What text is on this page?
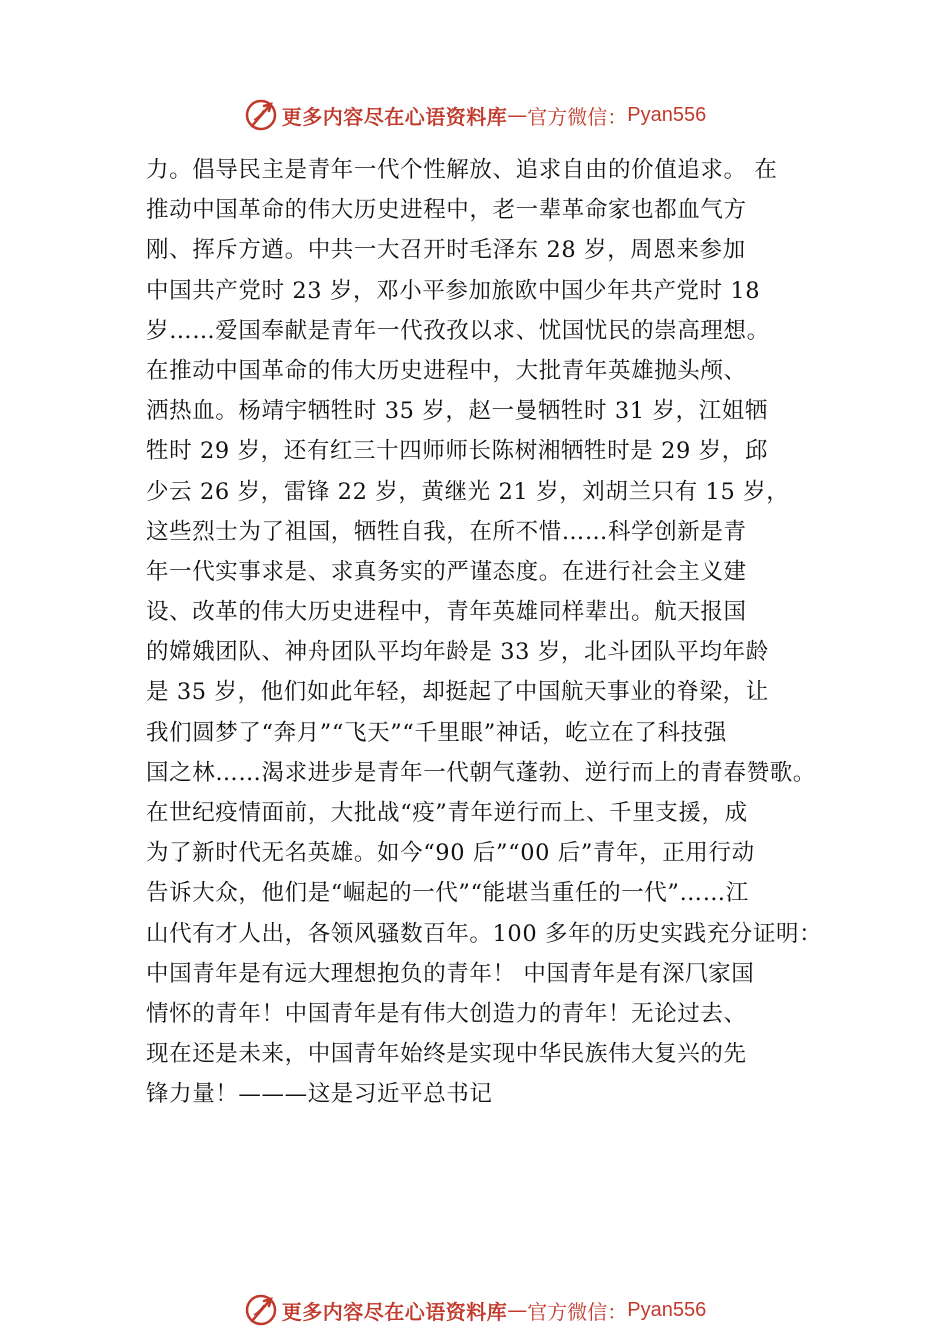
更多内容尽在心语资料库 — 官方微信： Pyan556
力。倡导民主是青年一代个性解放、追求自由的价值追求。 在
推动中国革命的伟大历史进程中，老一辈革命家也都血气方
刚、挥斥方遒。中共一大召开时毛泽东 28 岁，周恩来参加
中国共产党时 23 岁，邓小平参加旅欧中国少年共产党时 18
岁……爱国奉献是青年一代孜孜以求、忧国忧民的崇高理想。
在推动中国革命的伟大历史进程中，大批青年英雄抛头颅、
洒热血。杨靖宇牺牲时 35 岁，赵一曼牺牲时 31 岁，江姐牺
牲时 29 岁，还有红三十四师师长陈树湘牺牲时是 29 岁，邱
少云 26 岁，雷锋 22 岁，黄继光 21 岁，刘胡兰只有 15 岁，
这些烈士为了祖国，牺牲自我，在所不惜……科学创新是青
年一代实事求是、求真务实的严谨态度。在进行社会主义建
设、改革的伟大历史进程中，青年英雄同样辈出。航天报国
的嫦娥团队、神舟团队平均年龄是 33 岁，北斗团队平均年龄
是 35 岁，他们如此年轻，却挺起了中国航天事业的脊梁，让
我们圆梦了“奔月”“飞天”“千里眼”神话，屹立在了科技强
国之林……渴求进步是青年一代朝气蓬勃、逆行而上的青春赞歌。
在世纪疫情面前，大批战“疫”青年逆行而上、千里支援，成
为了新时代无名英雄。如今“90 后”“00 后”青年，正用行动
告诉大众，他们是“崛起的一代”“能堪当重任的一代”……江
山代有才人出，各领风骚数百年。100 多年的历史实践充分证明：
中国青年是有远大理想抱负的青年！ 中国青年是有深⺇家国
情怀的青年！中国青年是有伟大创造力的青年！无论过去、
现在还是未来，中国青年始终是实现中华民族伟大复兴的先
锋力量！———这是习近平总书记
更多内容尽在心语资料库 — 官方微信： Pyan556
